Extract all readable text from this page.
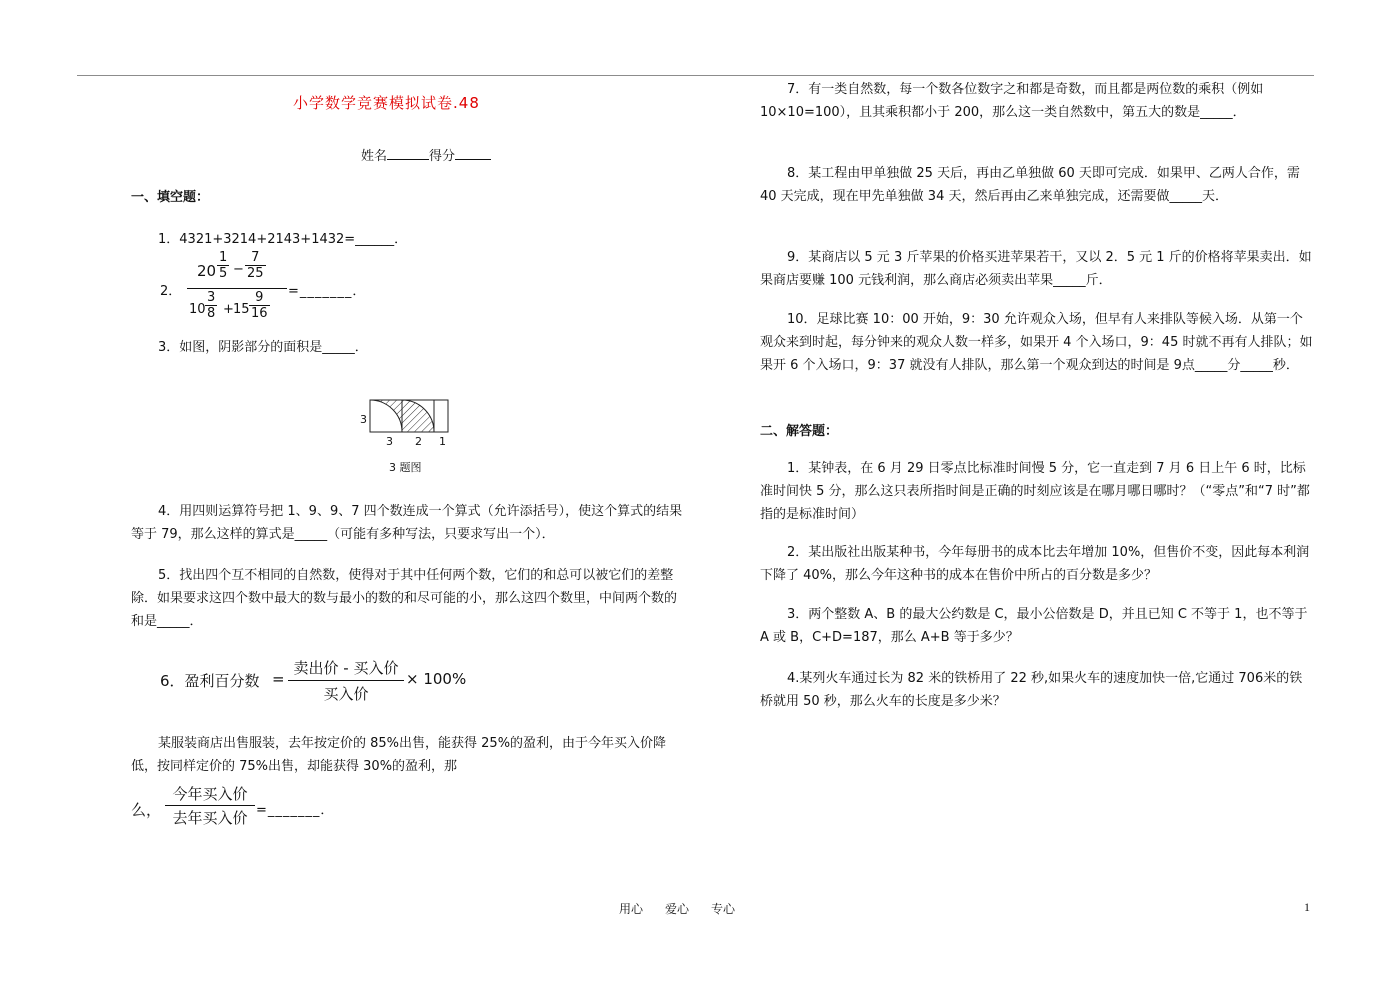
小学数学竞赛模拟试卷.48
姓名	得分
一、填空题：
1．4321+3214+2143+1432=______．
2．
$20 \frac{1}{5} - \frac{7}{25}$
$10 \frac{3}{8} + 15 \frac{9}{16}$ =_______．
3．如图，阴影部分的面积是_____．
3
3 2 1
3 题图
4．用四则运算符号把 1、9、9、7 四个数连成一个算式（允许添括号），使这个算式的结果等于 79，那么这样的算式是_____（可能有多种写法，只要求写出一个）．
5．找出四个互不相同的自然数，使得对于其中任何两个数，它们的和总可以被它们的差整除．如果要求这四个数中最大的数与最小的数的和尽可能的小，那么这四个数里，中间两个数的和是_____．
6．盈利百分数 =
卖出价 - 买入价
买入价
× 100%
某服装商店出售服装，去年按定价的 85%出售，能获得 25%的盈利，由于今年买入价降低，按同样定价的 75%出售，却能获得 30%的盈利，那
么，
今年买入价
去年买入价 =_______．
7．有一类自然数，每一个数各位数字之和都是奇数，而且都是两位数的乘积（例如 10×10=100），且其乘积都小于 200，那么这一类自然数中，第五大的数是_____．
8．某工程由甲单独做 25 天后，再由乙单独做 60 天即可完成．如果甲、乙两人合作，需 40 天完成，现在甲先单独做 34 天，然后再由乙来单独完成，还需要做_____天．
9．某商店以 5 元 3 斤苹果的价格买进苹果若干，又以 2．5 元 1 斤的价格将苹果卖出．如果商店要赚 100 元钱利润，那么商店必须卖出苹果_____斤．
10．足球比赛 10：00 开始，9：30 允许观众入场，但早有人来排队等候入场．从第一个观众来到时起，每分钟来的观众人数一样多，如果开 4 个入场口，9：45 时就不再有人排队；如果开 6 个入场口，9：37 就没有人排队，那么第一个观众到达的时间是 9点_____分_____秒．
二、解答题：
1．某钟表，在 6 月 29 日零点比标准时间慢 5 分，它一直走到 7 月 6 日上午 6 时，比标准时间快 5 分，那么这只表所指时间是正确的时刻应该是在哪月哪日哪时？（“零点”和“7 时”都指的是标准时间）
2．某出版社出版某种书，今年每册书的成本比去年增加 10%，但售价不变，因此每本利润下降了 40%，那么今年这种书的成本在售价中所占的百分数是多少？
3．两个整数 A、B 的最大公约数是 C，最小公倍数是 D，并且已知 C 不等于 1，也不等于 A 或 B，C+D=187，那么 A+B 等于多少？
4.某列火车通过长为 82 米的铁桥用了 22 秒,如果火车的速度加快一倍,它通过 706米的铁桥就用 50 秒，那么火车的长度是多少米？
用心 爱心 专心	1
